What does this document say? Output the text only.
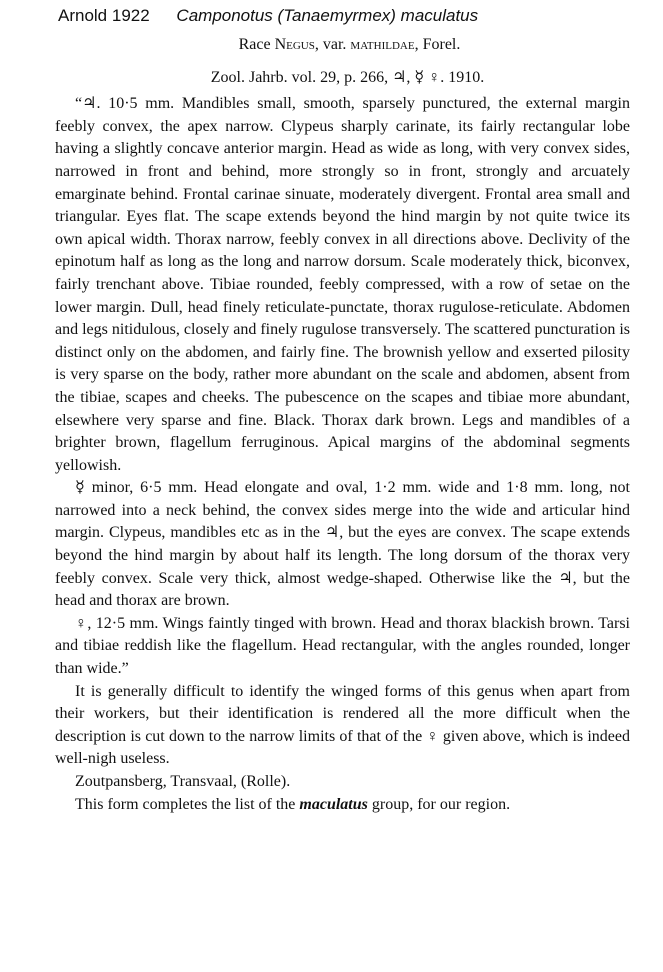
Arnold 1922 Camponotus (Tanaemyrmex) maculatus
Race Negus, var. mathildae, Forel.
Zool. Jahrb. vol. 29, p. 266, ♃, ☿ ♀. 1910.

“♃. 10·5 mm. Mandibles small, smooth, sparsely punctured, the external margin feebly convex, the apex narrow. Clypeus sharply carinate, its fairly rectangular lobe having a slightly concave anterior margin. Head as wide as long, with very convex sides, narrowed in front and behind, more strongly so in front, strongly and arcuately emarginate behind. Frontal carinae sinuate, moderately divergent. Frontal area small and triangular. Eyes flat. The scape extends beyond the hind margin by not quite twice its own apical width. Thorax narrow, feebly convex in all directions above. Declivity of the epinotum half as long as the long and narrow dorsum. Scale moderately thick, biconvex, fairly trenchant above. Tibiae rounded, feebly compressed, with a row of setae on the lower margin. Dull, head finely reticulate-punctate, thorax rugulose-reticulate. Abdomen and legs nitidulous, closely and finely rugulose transversely. The scattered puncturation is distinct only on the abdomen, and fairly fine. The brownish yellow and exserted pilosity is very sparse on the body, rather more abundant on the scale and abdomen, absent from the tibiae, scapes and cheeks. The pubescence on the scapes and tibiae more abundant, elsewhere very sparse and fine. Black. Thorax dark brown. Legs and mandibles of a brighter brown, flagellum ferruginous. Apical margins of the abdominal segments yellowish.

☿ minor, 6·5 mm. Head elongate and oval, 1·2 mm. wide and 1·8 mm. long, not narrowed into a neck behind, the convex sides merge into the wide and articular hind margin. Clypeus, mandibles etc as in the ♃, but the eyes are convex. The scape extends beyond the hind margin by about half its length. The long dorsum of the thorax very feebly convex. Scale very thick, almost wedge-shaped. Otherwise like the ♃, but the head and thorax are brown.

♀, 12·5 mm. Wings faintly tinged with brown. Head and thorax blackish brown. Tarsi and tibiae reddish like the flagellum. Head rectangular, with the angles rounded, longer than wide.”

It is generally difficult to identify the winged forms of this genus when apart from their workers, but their identification is rendered all the more difficult when the description is cut down to the narrow limits of that of the ♀ given above, which is indeed well-nigh useless.

Zoutpansberg, Transvaal, (Rolle).

This form completes the list of the maculatus group, for our region.
